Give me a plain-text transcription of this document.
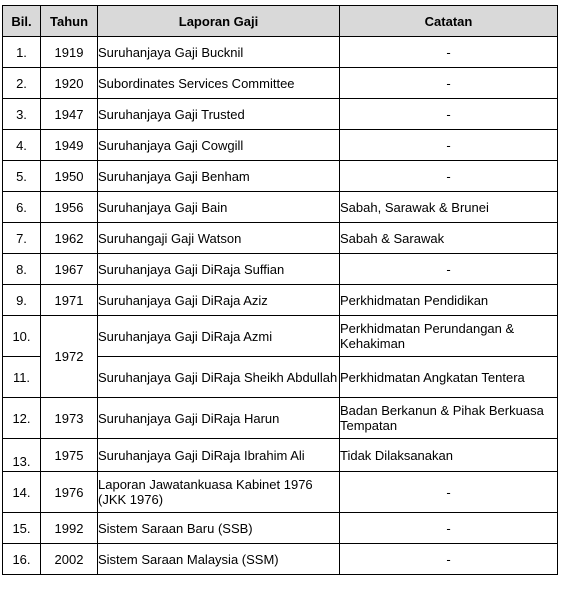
Bil.	Tahun	Laporan Gaji	Catatan
1.	1919	Suruhanjaya Gaji Bucknil	-
2.	1920	Subordinates Services Committee	-
3.	1947	Suruhanjaya Gaji Trusted	-
4.	1949	Suruhanjaya Gaji Cowgill	-
5.	1950	Suruhanjaya Gaji Benham	-
6.	1956	Suruhanjaya Gaji Bain	Sabah, Sarawak & Brunei
7.	1962	Suruhangaji Gaji Watson	Sabah & Sarawak
8.	1967	Suruhanjaya Gaji DiRaja Suffian	-
9.	1971	Suruhanjaya Gaji DiRaja Aziz	Perkhidmatan Pendidikan
10.	1972	Suruhanjaya Gaji DiRaja Azmi	Perkhidmatan Perundangan & Kehakiman
11.		Suruhanjaya Gaji DiRaja Sheikh Abdullah	Perkhidmatan Angkatan Tentera
12.	1973	Suruhanjaya Gaji DiRaja Harun	Badan Berkanun & Pihak Berkuasa Tempatan
13.	1975	Suruhanjaya Gaji DiRaja Ibrahim Ali	Tidak Dilaksanakan
14.	1976	Laporan Jawatankuasa Kabinet 1976 (JKK 1976)	-
15.	1992	Sistem Saraan Baru (SSB)	-
16.	2002	Sistem Saraan Malaysia (SSM)	-
